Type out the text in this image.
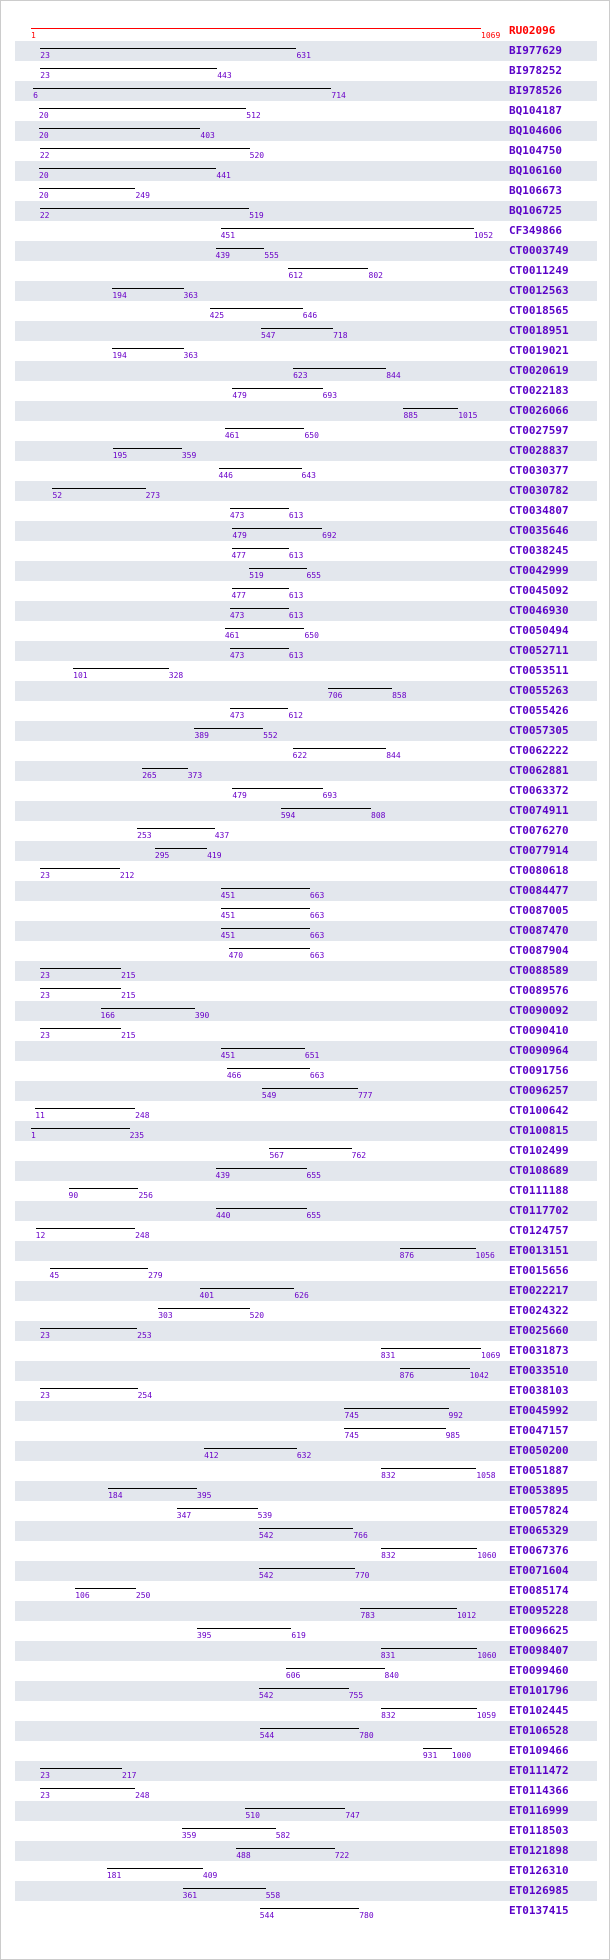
1	1069 RU02096
23	631	BI977629
23	443	BI978252
6	714	BI978526
20	512	BQ104187
20	403	BQ104606
22	520	BQ104750
20	441	BQ106160
20	249	BQ106673
22	519	BQ106725
451	1052 CF349866
439	555	CT0003749
612	802	CT0011249
194	363	CT0012563
425	646	CT0018565
547	718	CT0018951
194	363	CT0019021
623	844	CT0020619
479	693	CT0022183
885	1015	CT0026066
461	650	CT0027597
195	359	CT0028837
446	643	CT0030377
52	273	CT0030782
473	613	CT0034807
479	692	CT0035646
477	613	CT0038245
519	655	CT0042999
477	613	CT0045092
473	613	CT0046930
461	650	CT0050494
473	613	CT0052711
101	328	CT0053511
706	858	CT0055263
473	612	CT0055426
389	552	CT0057305
622	844	CT0062222
265	373	CT0062881
479	693	CT0063372
594	808	CT0074911
253	437	CT0076270
295	419	CT0077914
23	212	CT0080618
451	663	CT0084477
451	663	CT0087005
451	663	CT0087470
470	663	CT0087904
23	215	CT0088589
23	215	CT0089576
166	390	CT0090092
23	215	CT0090410
451	651	CT0090964
466	663	CT0091756
549	777	CT0096257
11	248	CT0100642
1	235	CT0100815
567	762	CT0102499
439	655	CT0108689
90	256	CT0111188
440	655	CT0117702
12	248	CT0124757
876	1056 ET0013151
45	279	ET0015656
401	626	ET0022217
303	520	ET0024322
23	253	ET0025660
831	1069 ET0031873
876	1042 ET0033510
23	254	ET0038103
745	992	ET0045992
745	985	ET0047157
412	632	ET0050200
832	1058 ET0051887
184	395	ET0053895
347	539	ET0057824
542	766	ET0065329
832	1060 ET0067376
542	770	ET0071604
106	250	ET0085174
783	1012	ET0095228
395	619	ET0096625
831	1060 ET0098407
606	840	ET0099460
542	755	ET0101796
832	1059 ET0102445
544	780	ET0106528
931 1000	ET0109466
23	217	ET0111472
23	248	ET0114366
510	747	ET0116999
359	582	ET0118503
488	722	ET0121898
181	409	ET0126310
361	558	ET0126985
544	780	ET0137415
